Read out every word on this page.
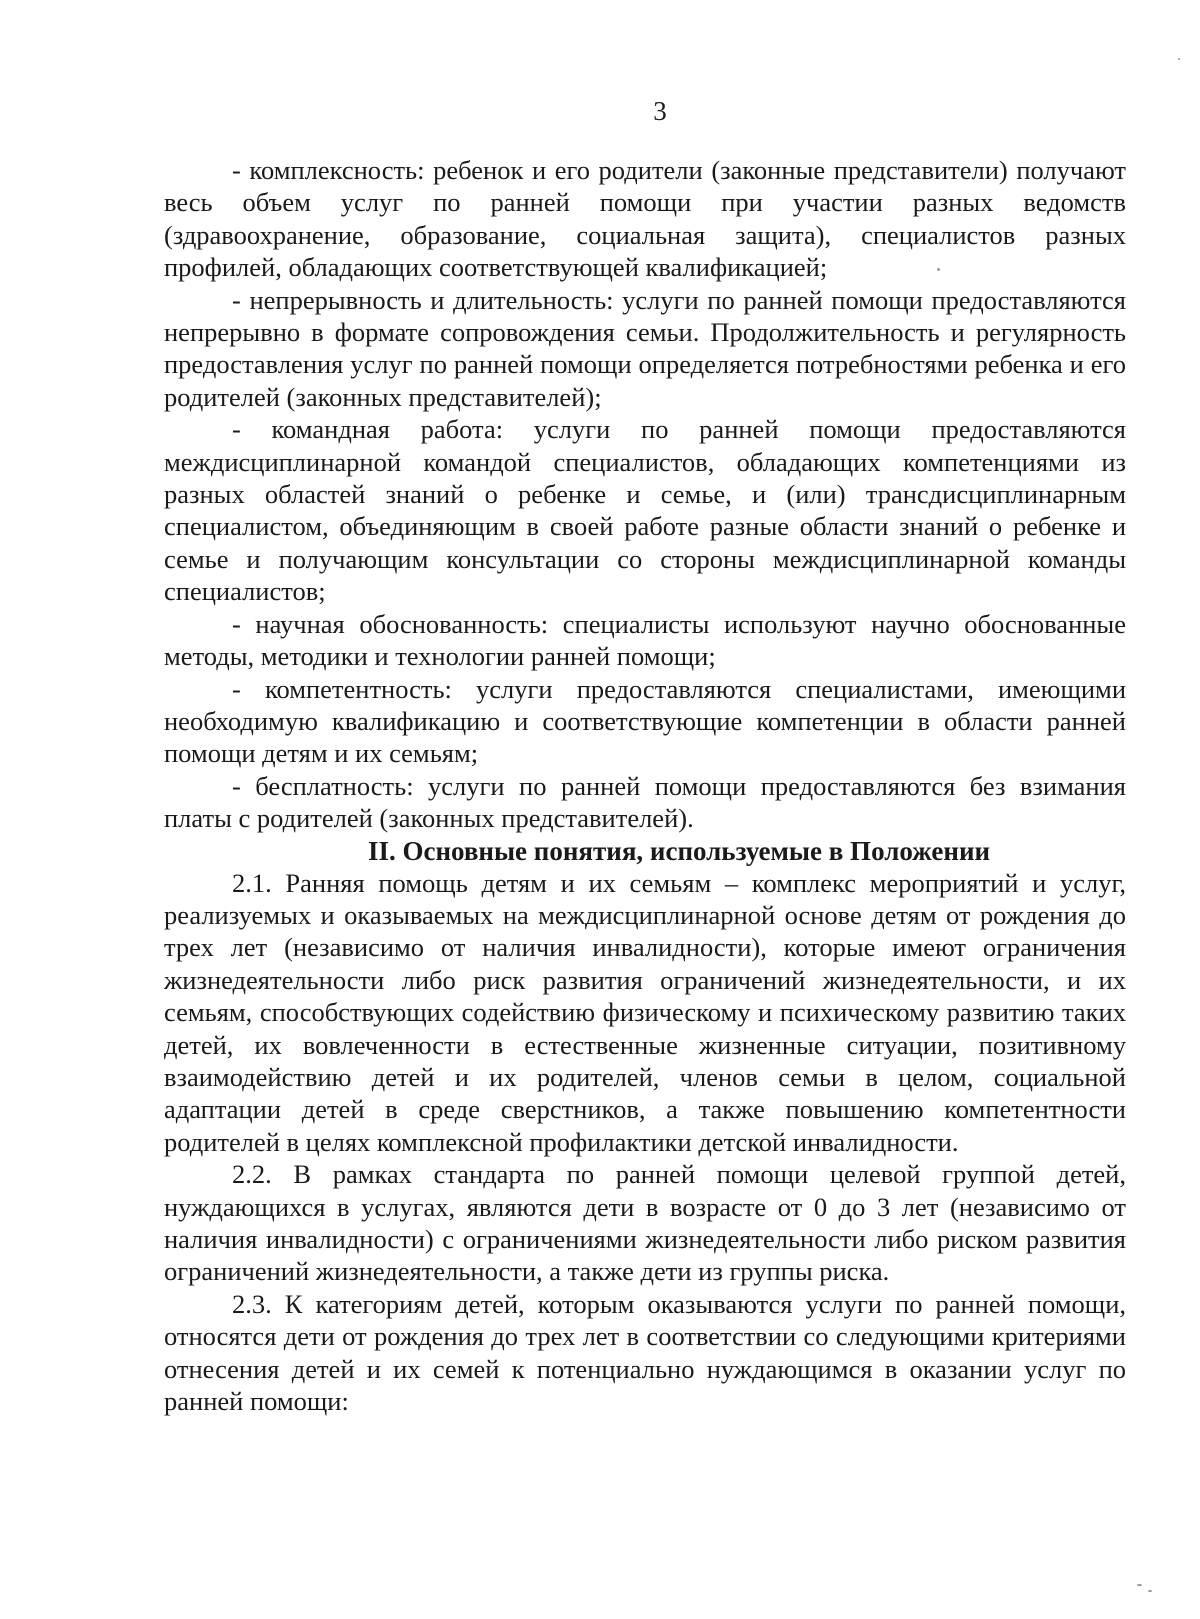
3

- комплексность: ребенок и его родители (законные представители) получают весь объем услуг по ранней помощи при участии разных ведомств (здравоохранение, образование, социальная защита), специалистов разных профилей, обладающих соответствующей квалификацией;

- непрерывность и длительность: услуги по ранней помощи предоставляются непрерывно в формате сопровождения семьи. Продолжительность и регулярность предоставления услуг по ранней помощи определяется потребностями ребенка и его родителей (законных представителей);

- командная работа: услуги по ранней помощи предоставляются междисциплинарной командой специалистов, обладающих компетенциями из разных областей знаний о ребенке и семье, и (или) трансдисциплинарным специалистом, объединяющим в своей работе разные области знаний о ребенке и семье и получающим консультации со стороны междисциплинарной команды специалистов;

- научная обоснованность: специалисты используют научно обоснованные методы, методики и технологии ранней помощи;

- компетентность: услуги предоставляются специалистами, имеющими необходимую квалификацию и соответствующие компетенции в области ранней помощи детям и их семьям;

- бесплатность: услуги по ранней помощи предоставляются без взимания платы с родителей (законных представителей).

II. Основные понятия, используемые в Положении

2.1. Ранняя помощь детям и их семьям – комплекс мероприятий и услуг, реализуемых и оказываемых на междисциплинарной основе детям от рождения до трех лет (независимо от наличия инвалидности), которые имеют ограничения жизнедеятельности либо риск развития ограничений жизнедеятельности, и их семьям, способствующих содействию физическому и психическому развитию таких детей, их вовлеченности в естественные жизненные ситуации, позитивному взаимодействию детей и их родителей, членов семьи в целом, социальной адаптации детей в среде сверстников, а также повышению компетентности родителей в целях комплексной профилактики детской инвалидности.

2.2. В рамках стандарта по ранней помощи целевой группой детей, нуждающихся в услугах, являются дети в возрасте от 0 до 3 лет (независимо от наличия инвалидности) с ограничениями жизнедеятельности либо риском развития ограничений жизнедеятельности, а также дети из группы риска.

2.3. К категориям детей, которым оказываются услуги по ранней помощи, относятся дети от рождения до трех лет в соответствии со следующими критериями отнесения детей и их семей к потенциально нуждающимся в оказании услуг по ранней помощи:
